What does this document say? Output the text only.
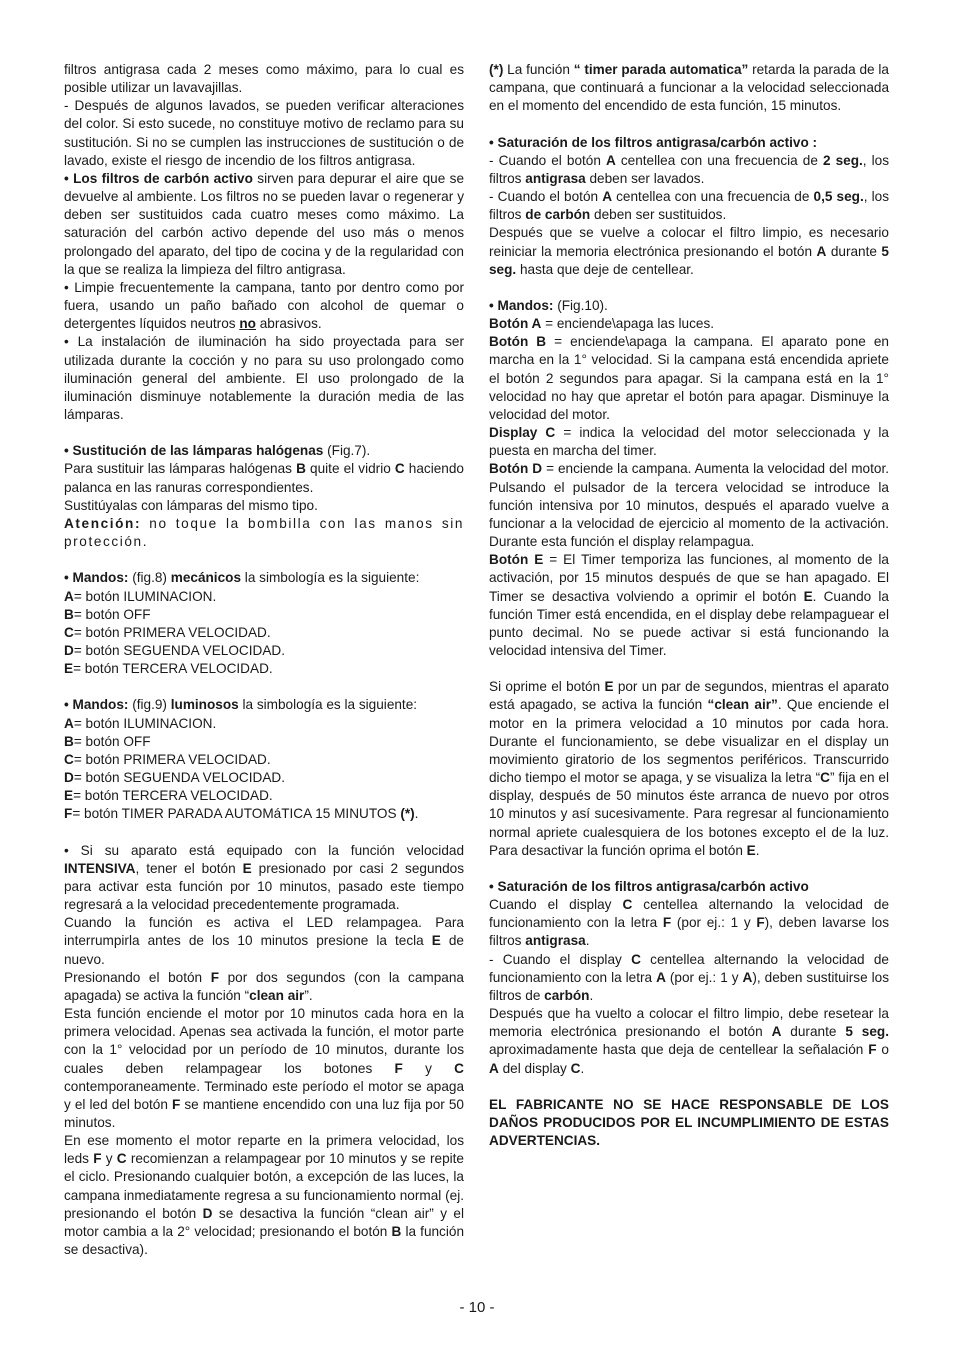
filtros antigrasa cada 2 meses como máximo, para lo cual es posible utilizar un lavavajillas.

- Después de algunos lavados, se pueden verificar alteraciones del color. Si esto sucede, no constituye motivo de reclamo para su sustitución. Si no se cumplen las instrucciones de sustitución o de lavado, existe el riesgo de incendio de los filtros antigrasa.

• Los filtros de carbón activo sirven para depurar el aire que se devuelve al ambiente. Los filtros no se pueden lavar o regenerar y deben ser sustituidos cada cuatro meses como máximo. La saturación del carbón activo depende del uso más o menos prolongado del aparato, del tipo de cocina y de la regularidad con la que se realiza la limpieza del filtro antigrasa.

• Limpie frecuentemente la campana, tanto por dentro como por fuera, usando un paño bañado con alcohol de quemar o detergentes líquidos neutros no abrasivos.

• La instalación de iluminación ha sido proyectada para ser utilizada durante la cocción y no para su uso prolongado como iluminación general del ambiente. El uso prolongado de la iluminación disminuye notablemente la duración media de las lámparas.

• Sustitución de las lámparas halógenas (Fig.7).

Para sustituir las lámparas halógenas B quite el vidrio C haciendo palanca en las ranuras correspondientes.

Sustitúyalas con lámparas del mismo tipo.

Atención: no toque la bombilla con las manos sin protección.

• Mandos: (fig.8) mecánicos la simbología es la siguiente:
A= botón ILUMINACION.
B= botón OFF
C= botón PRIMERA VELOCIDAD.
D= botón SEGUENDA VELOCIDAD.
E= botón TERCERA VELOCIDAD.
• Mandos: (fig.9) luminosos la simbología es la siguiente:
A= botón ILUMINACION.
B= botón OFF
C= botón PRIMERA VELOCIDAD.
D= botón SEGUENDA VELOCIDAD.
E= botón TERCERA VELOCIDAD.
F= botón TIMER PARADA AUTOMáTICA 15 MINUTOS (*).

• Si su aparato está equipado con la función velocidad INTENSIVA, tener el botón E presionado por casi 2 segundos para activar esta función por 10 minutos, pasado este tiempo regresará a la velocidad precedentemente programada.

Cuando la función es activa el LED relampagea. Para interrumpirla antes de los 10 minutos presione la tecla E de nuevo.

Presionando el botón F por dos segundos (con la campana apagada) se activa la función “clean air”.

Esta función enciende el motor por 10 minutos cada hora en la primera velocidad. Apenas sea activada la función, el motor parte con la 1° velocidad por un período de 10 minutos, durante los cuales deben relampagear los botones F y C contemporaneamente. Terminado este período el motor se apaga y el led del botón F se mantiene encendido con una luz fija por 50 minutos.

En ese momento el motor reparte en la primera velocidad, los leds F y C recomienzan a relampagear por 10 minutos y se repite el ciclo. Presionando cualquier botón, a excepción de las luces, la campana inmediatamente regresa a su funcionamiento normal (ej. presionando el botón D se desactiva la función “clean air” y el motor cambia a la 2° velocidad; presionando el botón B la función se desactiva).

(*) La función “ timer parada automatica” retarda la parada de la campana, que continuará a funcionar a la velocidad seleccionada en el momento del encendido de esta función, 15 minutos.

• Saturación de los filtros antigrasa/carbón activo :

- Cuando el botón A centellea con una frecuencia de 2 seg., los filtros antigrasa deben ser lavados.

- Cuando el botón A centellea con una frecuencia de 0,5 seg., los filtros de carbón deben ser sustituidos.

Después que se vuelve a colocar el filtro limpio, es necesario reiniciar la memoria electrónica presionando el botón A durante 5 seg. hasta que deje de centellear.

• Mandos: (Fig.10).
Botón A = enciende\apaga las luces.

Botón B = enciende\apaga la campana. El aparato pone en marcha en la 1° velocidad. Si la campana está encendida apriete el botón 2 segundos para apagar. Si la campana está en la 1° velocidad no hay que apretar el botón para apagar. Disminuye la velocidad del motor.

Display C = indica la velocidad del motor seleccionada y la puesta en marcha del timer.

Botón D = enciende la campana. Aumenta la velocidad del motor. Pulsando el pulsador de la tercera velocidad se introduce la función intensiva por 10 minutos, después el aparado vuelve a funcionar a la velocidad de ejercicio al momento de la activación. Durante esta función el display relampagua.

Botón E = El Timer temporiza las funciones, al momento de la activación, por 15 minutos después de que se han apagado. El Timer se desactiva volviendo a oprimir el botón E. Cuando la función Timer está encendida, en el display debe relampaguear el punto decimal. No se puede activar si está funcionando la velocidad intensiva del Timer.

Si oprime el botón E por un par de segundos, mientras el aparato está apagado, se activa la función “clean air”. Que enciende el motor en la primera velocidad a 10 minutos por cada hora. Durante el funcionamiento, se debe visualizar en el display un movimiento giratorio de los segmentos periféricos. Transcurrido dicho tiempo el motor se apaga, y se visualiza la letra “C” fija en el display, después de 50 minutos éste arranca de nuevo por otros 10 minutos y así sucesivamente. Para regresar al funcionamiento normal apriete cualesquiera de los botones excepto el de la luz. Para desactivar la función oprima el botón E.

• Saturación de los filtros antigrasa/carbón activo

Cuando el display C centellea alternando la velocidad de funcionamiento con la letra F (por ej.: 1 y F), deben lavarse los filtros antigrasa.

- Cuando el display C centellea alternando la velocidad de funcionamiento con la letra A (por ej.: 1 y A), deben sustituirse los filtros de carbón.

Después que ha vuelto a colocar el filtro limpio, debe resetear la memoria electrónica presionando el botón A durante 5 seg. aproximadamente hasta que deja de centellear la señalación F o A del display C.

EL FABRICANTE NO SE HACE RESPONSABLE DE LOS DAÑOS PRODUCIDOS POR EL INCUMPLIMIENTO DE ESTAS ADVERTENCIAS.

- 10 -
